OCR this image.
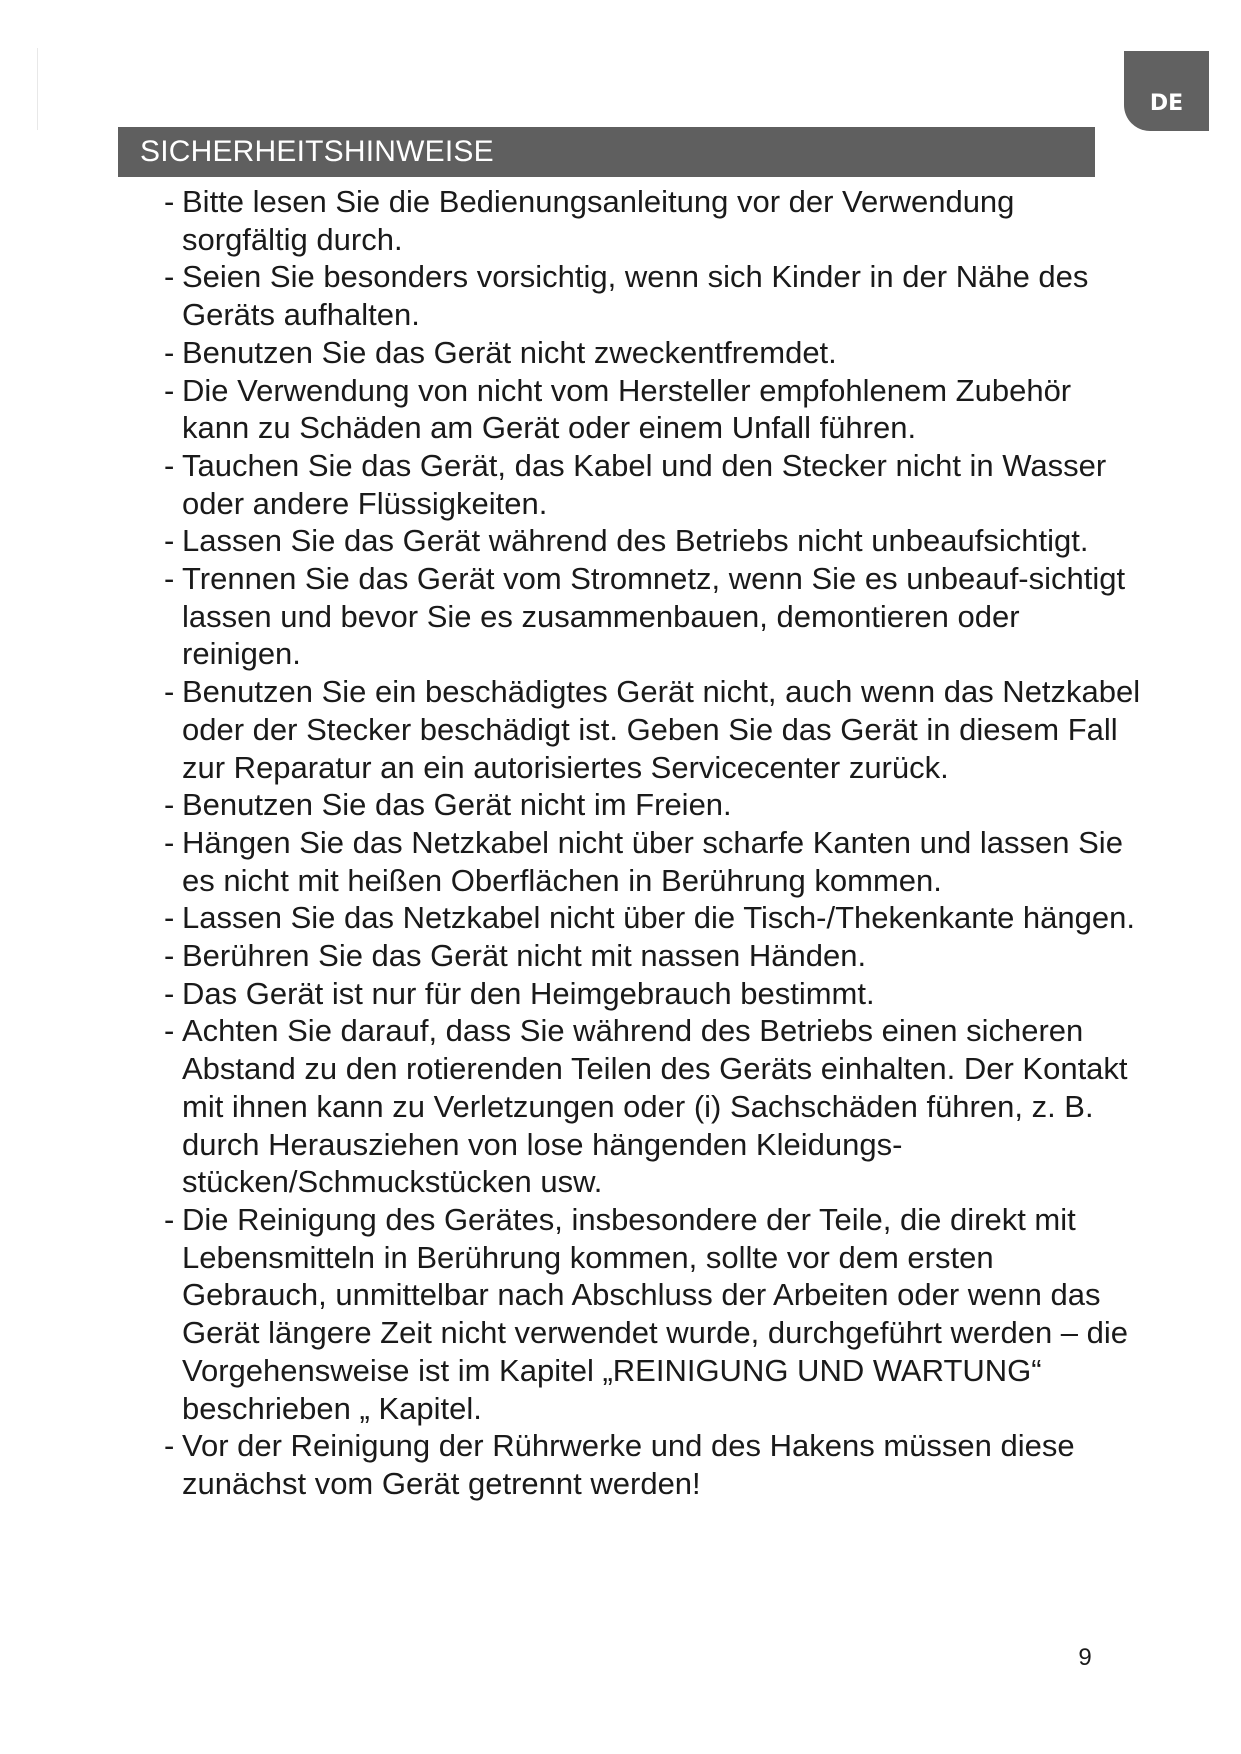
DE
SICHERHEITSHINWEISE
- Bitte lesen Sie die Bedienungsanleitung vor der Verwendung sorgfältig durch.
- Seien Sie besonders vorsichtig, wenn sich Kinder in der Nähe des Geräts aufhalten.
- Benutzen Sie das Gerät nicht zweckentfremdet.
- Die Verwendung von nicht vom Hersteller empfohlenem Zubehör kann zu Schäden am Gerät oder einem Unfall führen.
- Tauchen Sie das Gerät, das Kabel und den Stecker nicht in Wasser oder andere Flüssigkeiten.
- Lassen Sie das Gerät während des Betriebs nicht unbeaufsichtigt.
- Trennen Sie das Gerät vom Stromnetz, wenn Sie es unbeauf-sichtigt lassen und bevor Sie es zusammenbauen, demontieren oder reinigen.
- Benutzen Sie ein beschädigtes Gerät nicht, auch wenn das Netzkabel oder der Stecker beschädigt ist. Geben Sie das Gerät in diesem Fall zur Reparatur an ein autorisiertes Servicecenter zurück.
- Benutzen Sie das Gerät nicht im Freien.
- Hängen Sie das Netzkabel nicht über scharfe Kanten und lassen Sie es nicht mit heißen Oberflächen in Berührung kommen.
- Lassen Sie das Netzkabel nicht über die Tisch-/Thekenkante hängen.
- Berühren Sie das Gerät nicht mit nassen Händen.
- Das Gerät ist nur für den Heimgebrauch bestimmt.
- Achten Sie darauf, dass Sie während des Betriebs einen sicheren Abstand zu den rotierenden Teilen des Geräts einhalten. Der Kontakt mit ihnen kann zu Verletzungen oder (i) Sachschäden führen, z. B. durch Herausziehen von lose hängenden Kleidungs-stücken/Schmuckstücken usw.
- Die Reinigung des Gerätes, insbesondere der Teile, die direkt mit Lebensmitteln in Berührung kommen, sollte vor dem ersten Gebrauch, unmittelbar nach Abschluss der Arbeiten oder wenn das Gerät längere Zeit nicht verwendet wurde, durchgeführt werden – die Vorgehensweise ist im Kapitel „REINIGUNG UND WARTUNG“ beschrieben „ Kapitel.
- Vor der Reinigung der Rührwerke und des Hakens müssen diese zunächst vom Gerät getrennt werden!
9
